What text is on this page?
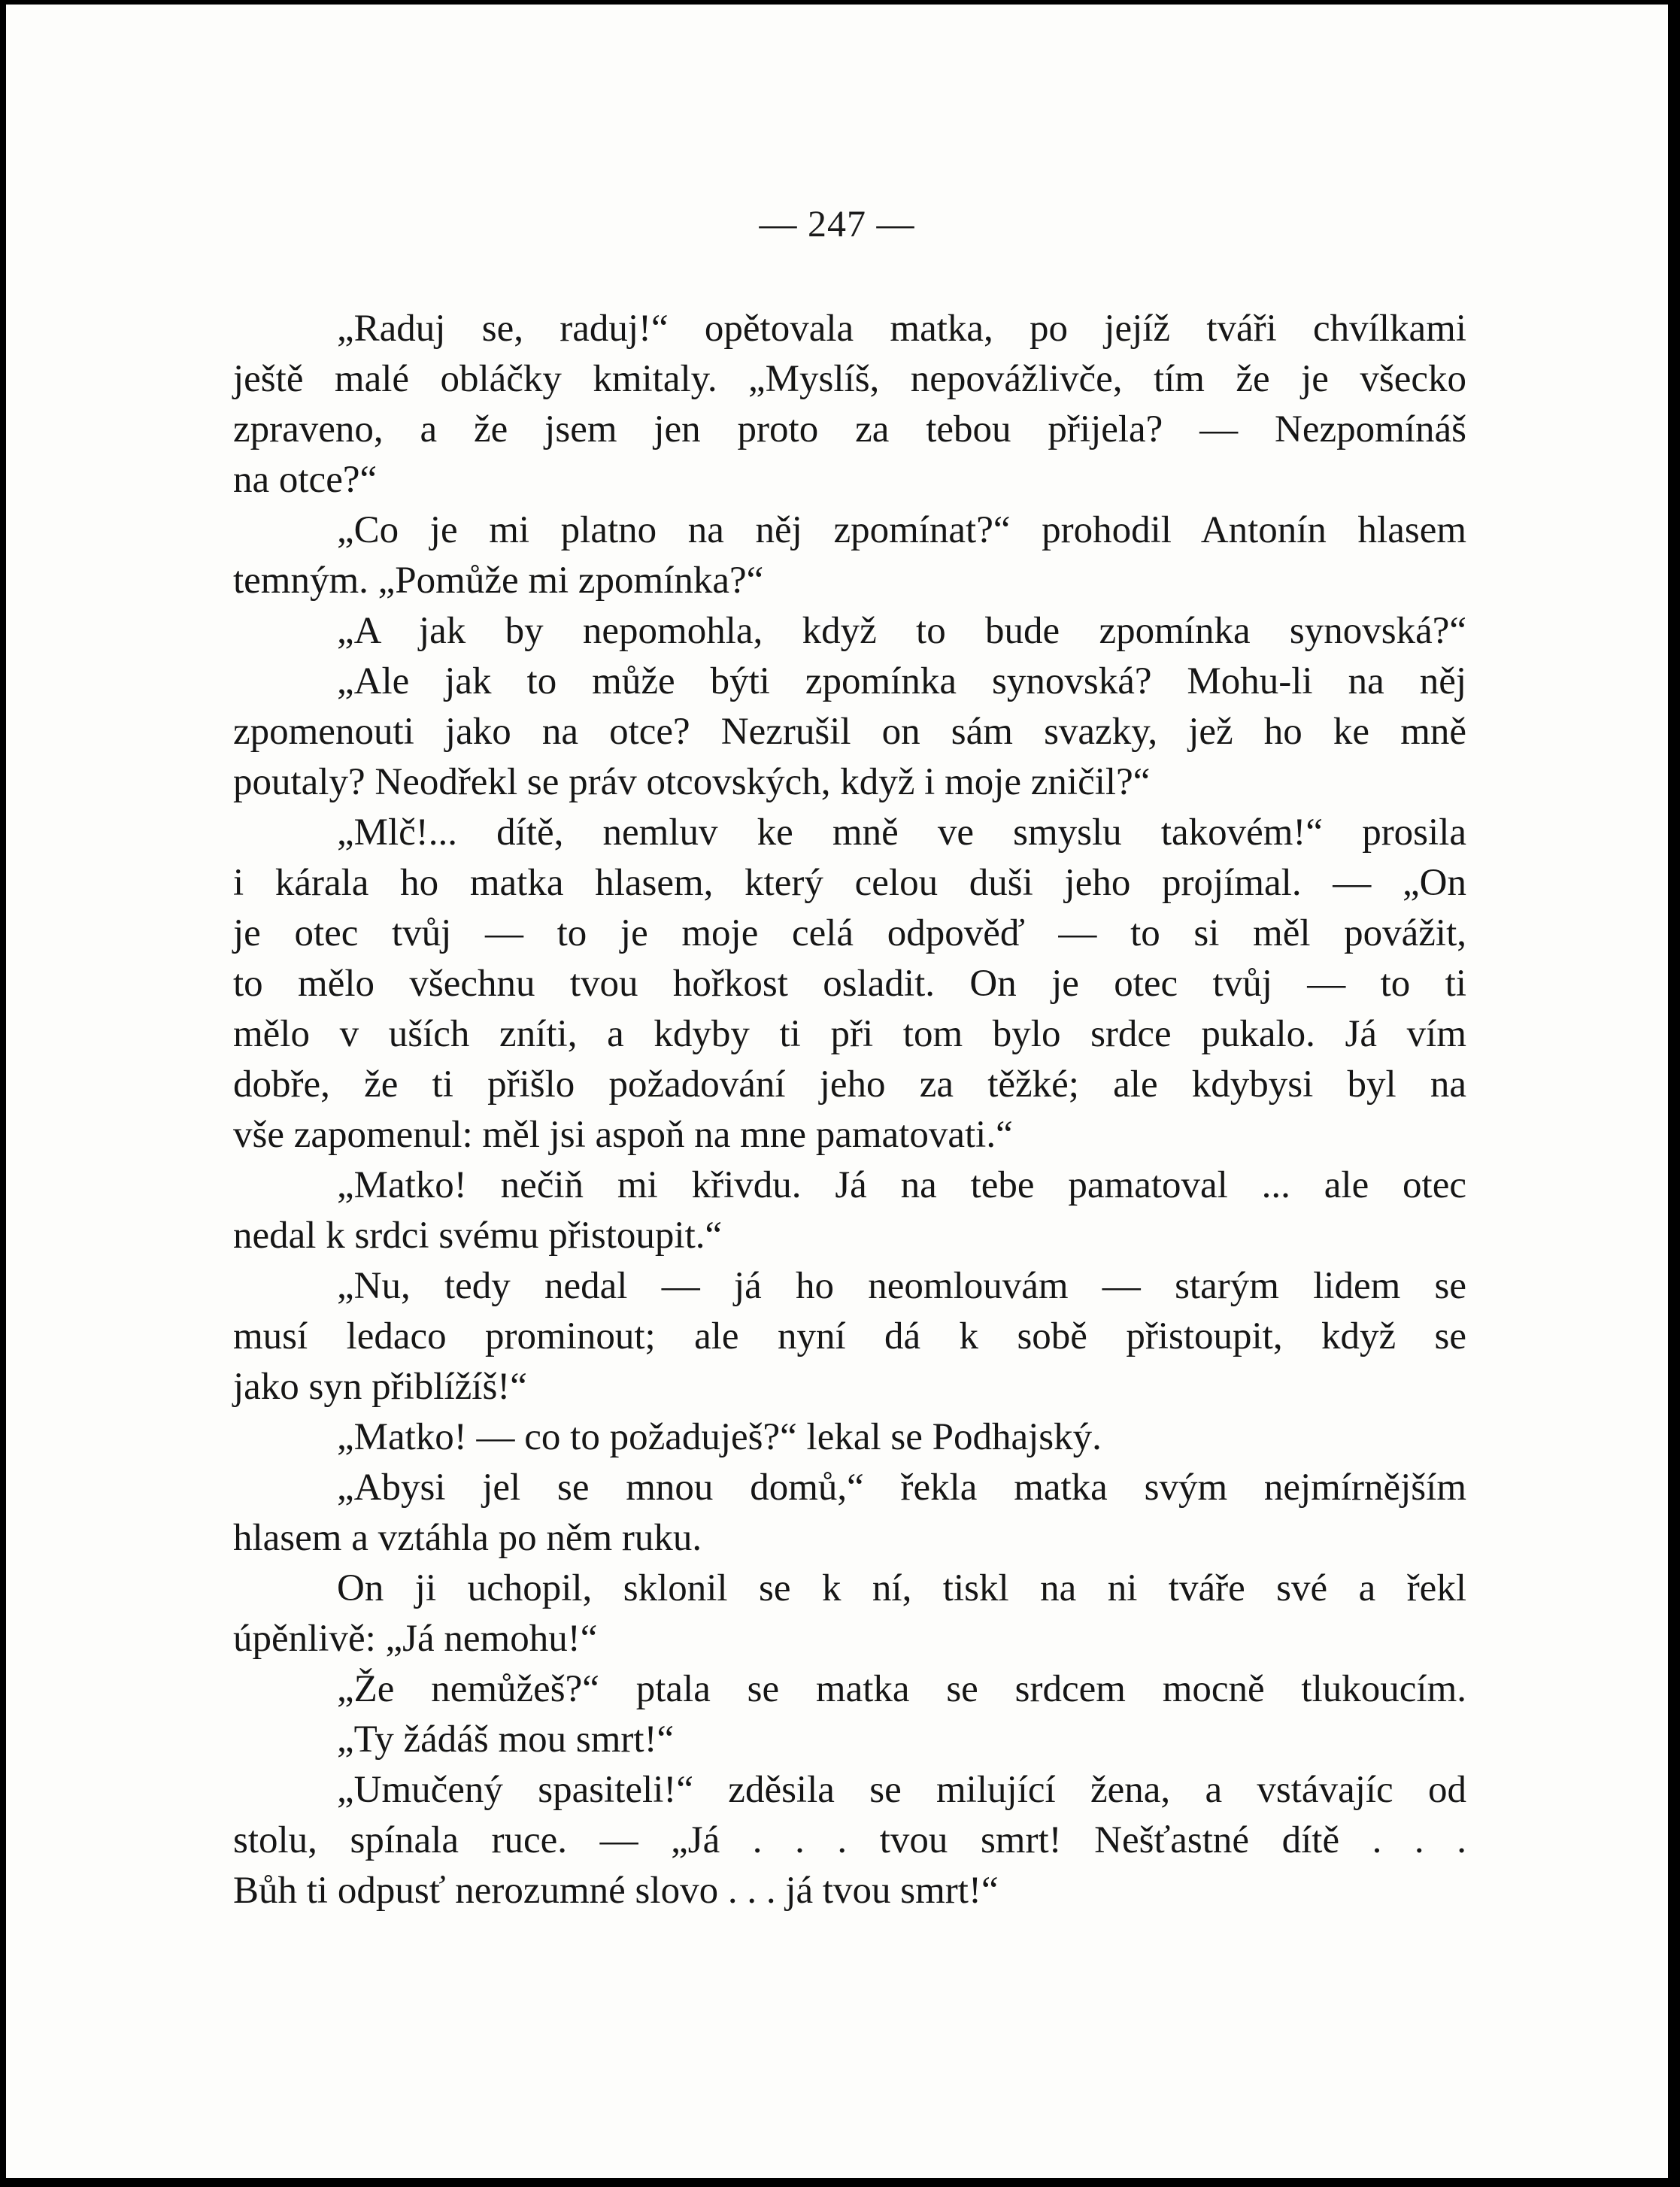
— 247 —
„Raduj se, raduj!“ opětovala matka, po jejíž tváři chvílkami
ještě malé obláčky kmitaly. „Myslíš, nepovážlivče, tím že je všecko
zpraveno, a že jsem jen proto za tebou přijela? — Nezpomínáš
na otce?“
„Co je mi platno na něj zpomínat?“ prohodil Antonín hlasem
temným. „Pomůže mi zpomínka?“
„A jak by nepomohla, když to bude zpomínka synovská?“
„Ale jak to může býti zpomínka synovská? Mohu-li na něj
zpomenouti jako na otce? Nezrušil on sám svazky, jež ho ke mně
poutaly? Neodřekl se práv otcovských, když i moje zničil?“
„Mlč!... dítě, nemluv ke mně ve smyslu takovém!“ prosila
i kárala ho matka hlasem, který celou duši jeho projímal. — „On
je otec tvůj — to je moje celá odpověď — to si měl povážit,
to mělo všechnu tvou hořkost osladit. On je otec tvůj — to ti
mělo v uších zníti, a kdyby ti při tom bylo srdce pukalo. Já vím
dobře, že ti přišlo požadování jeho za těžké; ale kdybysi byl na
vše zapomenul: měl jsi aspoň na mne pamatovati.“
„Matko! nečiň mi křivdu. Já na tebe pamatoval ... ale otec
nedal k srdci svému přistoupit.“
„Nu, tedy nedal — já ho neomlouvám — starým lidem se
musí ledaco prominout; ale nyní dá k sobě přistoupit, když se
jako syn přiblížíš!“
„Matko! — co to požaduješ?“ lekal se Podhajský.
„Abysi jel se mnou domů,“ řekla matka svým nejmírnějším
hlasem a vztáhla po něm ruku.
On ji uchopil, sklonil se k ní, tiskl na ni tváře své a řekl
úpěnlivě: „Já nemohu!“
„Že nemůžeš?“ ptala se matka se srdcem mocně tlukoucím.
„Ty žádáš mou smrt!“
„Umučený spasiteli!“ zděsila se milující žena, a vstávajíc od
stolu, spínala ruce. — „Já . . . tvou smrt! Nešťastné dítě . . .
Bůh ti odpusť nerozumné slovo . . . já tvou smrt!“
